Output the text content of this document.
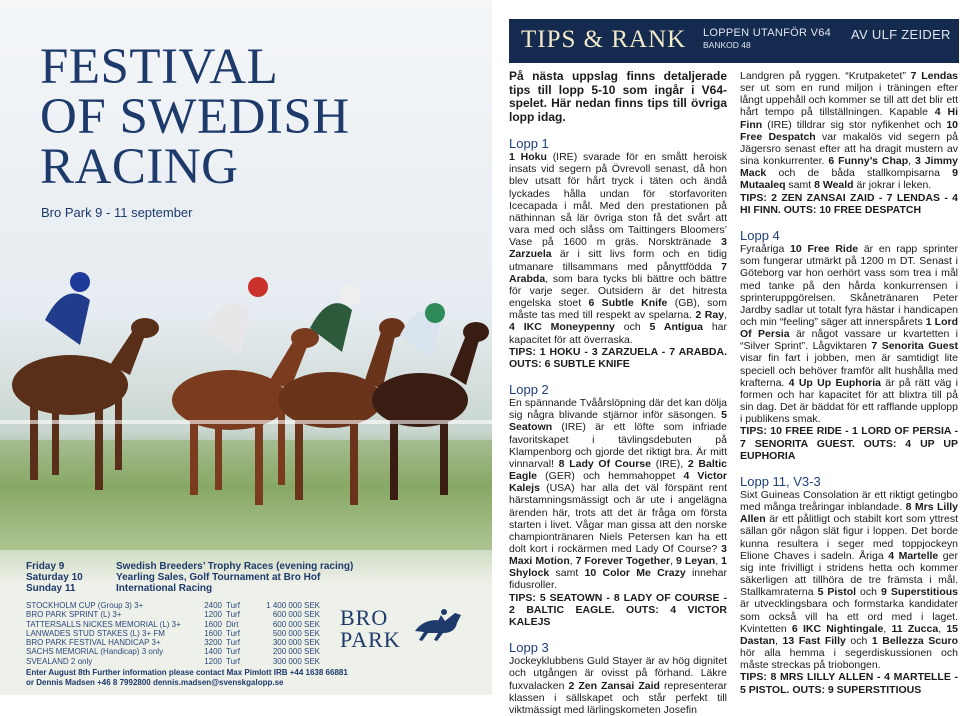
FESTIVAL
OF SWEDISH
RACING
Bro Park 9 - 11 september
Friday 9	Swedish Breeders’ Trophy Races (evening racing)
Saturday 10	Yearling Sales, Golf Tournament at Bro Hof
Sunday 11	International Racing
STOCKHOLM CUP (Group 3) 3+	2400 Turf	1 400 000 SEK
BRO PARK SPRINT (L) 3+	1200 Turf	600 000 SEK
TATTERSALLS NICKES MEMORIAL (L) 3+	1600 Dirt	600 000 SEK
LANWADES STUD STAKES (L) 3+ FM	1600 Turf	500 000 SEK
BRO PARK FESTIVAL HANDICAP 3+	3200 Turf	300 000 SEK
SACHS MEMORIAL (Handicap) 3 only	1400 Turf	200 000 SEK
SVEALAND 2 only	1200 Turf	300 000 SEK
BRO
PARK
Enter August 8th Further information please contact Max Pimlott IRB +44 1638 66881
or Dennis Madsen +46 8 7992800 dennis.madsen@svenskgalopp.se
TIPS & RANK LOPPEN UTANFÖR V64
BANKOD 48
AV ULF ZEIDER

På nästa uppslag finns detaljerade tips till lopp 5-10 som ingår i V64-spelet. Här nedan finns tips till övriga lopp idag.

Lopp 1

1 Hoku (IRE) svarade för en smått heroisk insats vid segern på Övrevoll senast, då hon blev utsatt för hårt tryck i täten och ändå lyckades hålla undan för storfavoriten Icecapada i mål. Med den prestationen på näthinnan så lär övriga ston få det svårt att vara med och slåss om Taittingers Bloomers’ Vase på 1600 m gräs. Norsktränade 3 Zarzuela är i sitt livs form och en tidig utmanare tillsammans med pånyttfödda 7 Arabda, som bara tycks bli bättre och bättre för varje seger. Outsidern är det hitresta engelska stoet 6 Subtle Knife (GB), som måste tas med till respekt av spelarna. 2 Ray, 4 IKC Moneypenny och 5 Antigua har kapacitet för att överraska.

TIPS: 1 HOKU - 3 ZARZUELA - 7 ARABDA. OUTS: 6 SUBTLE KNIFE

Lopp 2

En spännande Tvåårslöpning där det kan dölja sig några blivande stjärnor inför säsongen. 5 Seatown (IRE) är ett löfte som infriade favoritskapet i tävlingsdebuten på Klampenborg och gjorde det riktigt bra. Är mitt vinnarval! 8 Lady Of Course (IRE), 2 Baltic Eagle (GER) och hemmahoppet 4 Victor Kalejs (USA) har alla det väl förspänt rent härstamningsmässigt och är ute i angelägna ärenden här, trots att det är fråga om första starten i livet. Vågar man gissa att den norske championtränaren Niels Petersen kan ha ett dolt kort i rockärmen med Lady Of Course? 3 Maxi Motion, 7 Forever Together, 9 Leyan, 1 Shylock samt 10 Color Me Crazy innehar fidusroller.

TIPS: 5 SEATOWN - 8 LADY OF COURSE - 2 BALTIC EAGLE. OUTS: 4 VICTOR KALEJS

Lopp 3

Jockeyklubbens Guld Stayer är av hög dignitet och utgången är ovisst på förhand. Läkre fuxvalacken 2 Zen Zansai Zaid representerar klassen i sällskapet och står perfekt till viktmässigt med lärlingskometen Josefin

Landgren på ryggen. “Krutpaketet” 7 Lendas ser ut som en rund miljon i träningen efter långt uppehåll och kommer se till att det blir ett hårt tempo på tillställningen. Kapable 4 Hi Finn (IRE) tilldrar sig stor nyfikenhet och 10 Free Despatch var makalös vid segern på Jägersro senast efter att ha dragit mustern av sina konkurrenter. 6 Funny’s Chap, 3 Jimmy Mack och de båda stallkompisarna 9 Mutaaleq samt 8 Weald är jokrar i leken.

TIPS: 2 ZEN ZANSAI ZAID - 7 LENDAS - 4 HI FINN. OUTS: 10 FREE DESPATCH

Lopp 4

Fyraåriga 10 Free Ride är en rapp sprinter som fungerar utmärkt på 1200 m DT. Senast i Göteborg var hon oerhört vass som trea i mål med tanke på den hårda konkurrensen i sprinteruppgörelsen. Skånetränaren Peter Jardby sadlar ut totalt fyra hästar i handicapen och min “feeling” säger att innerspårets 1 Lord Of Persia är något vassare ur kvartetten i “Silver Sprint”. Lågviktaren 7 Senorita Guest visar fin fart i jobben, men är samtidigt lite speciell och behöver framför allt hushålla med krafterna. 4 Up Up Euphoria är på rätt väg i formen och har kapacitet för att blixtra till på sin dag. Det är bäddat för ett rafflande upplopp i publikens smak.

TIPS: 10 FREE RIDE - 1 LORD OF PERSIA - 7 SENORITA GUEST. OUTS: 4 UP UP EUPHORIA

Lopp 11, V3-3

Sixt Guineas Consolation är ett riktigt getingbo med många treåringar inblandade. 8 Mrs Lilly Allen är ett pålitligt och stabilt kort som yttrest sällan gör någon slät figur i loppen. Det borde kunna resultera i seger med toppjockeyn Elione Chaves i sadeln. Åriga 4 Martelle ger sig inte frivilligt i stridens hetta och kommer säkerligen att tillhöra de tre främsta i mål. Stallkamraterna 5 Pistol och 9 Superstitious är utvecklingsbara och formstarka kandidater som också vill ha ett ord med i laget. Kvintetten 6 IKC Nightingale, 11 Zucca, 15 Dastan, 13 Fast Filly och 1 Bellezza Scuro hör alla hemma i segerdiskussionen och måste streckas på triobongen.

TIPS: 8 MRS LILLY ALLEN - 4 MARTELLE - 5 PISTOL. OUTS: 9 SUPERSTITIOUS
